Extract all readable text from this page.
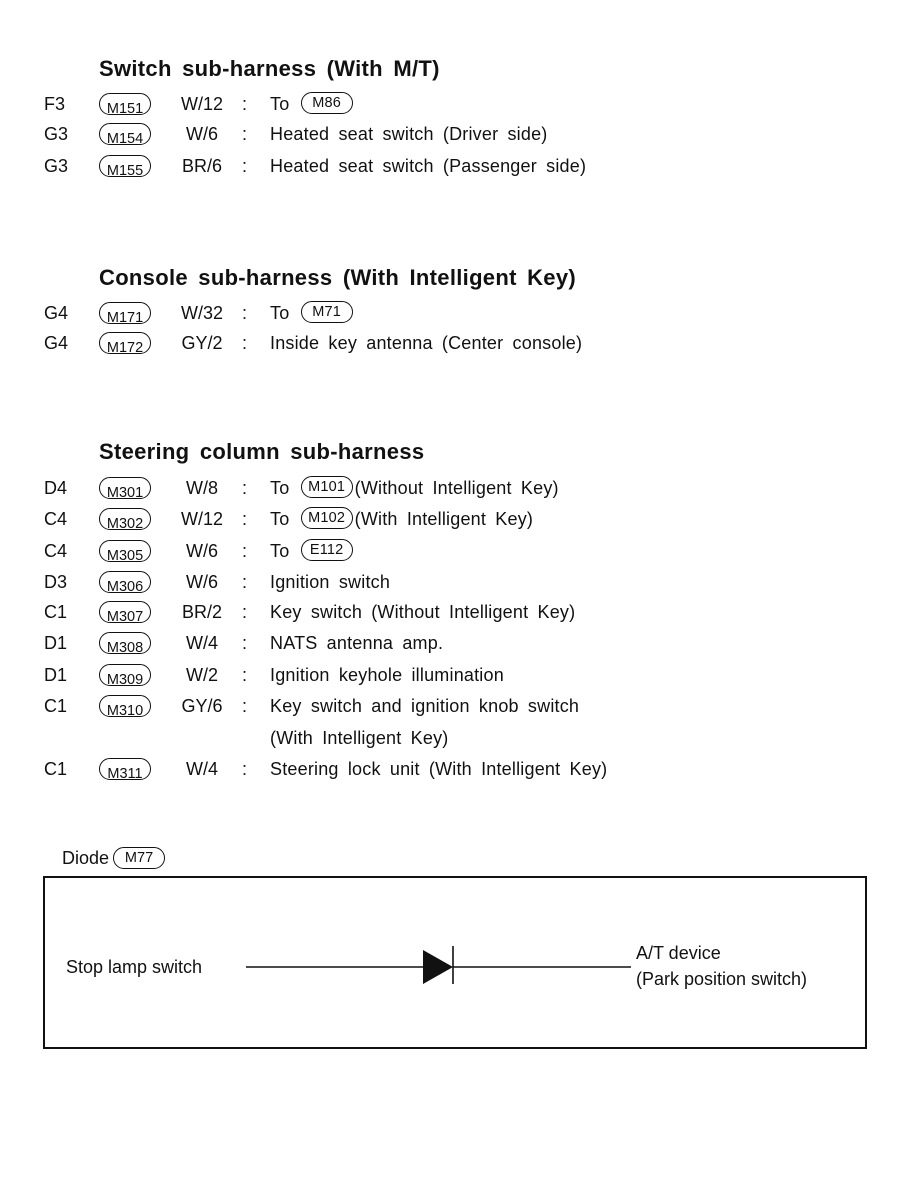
Switch sub-harness (With M/T)
F3	M151	W/12	: To M86
G3	M154	W/6	: Heated seat switch (Driver side)
G3	M155	BR/6	: Heated seat switch (Passenger side)
Console sub-harness (With Intelligent Key)
G4	M171	W/32	: To M71
G4	M172	GY/2	: Inside key antenna (Center console)
Steering column sub-harness
D4	M301	W/8	: To M101 (Without Intelligent Key)
C4	M302	W/12	: To M102 (With Intelligent Key)
C4	M305	W/6	: To E112
D3	M306	W/6	: Ignition switch
C1	M307	BR/2	: Key switch (Without Intelligent Key)
D1	M308	W/4	: NATS antenna amp.
D1	M309	W/2	: Ignition keyhole illumination
C1	M310	GY/6	: Key switch and ignition knob switch
(With Intelligent Key)
C1	M311	W/4	: Steering lock unit (With Intelligent Key)
Diode M77
Stop lamp switch
A/T device
(Park position switch)
